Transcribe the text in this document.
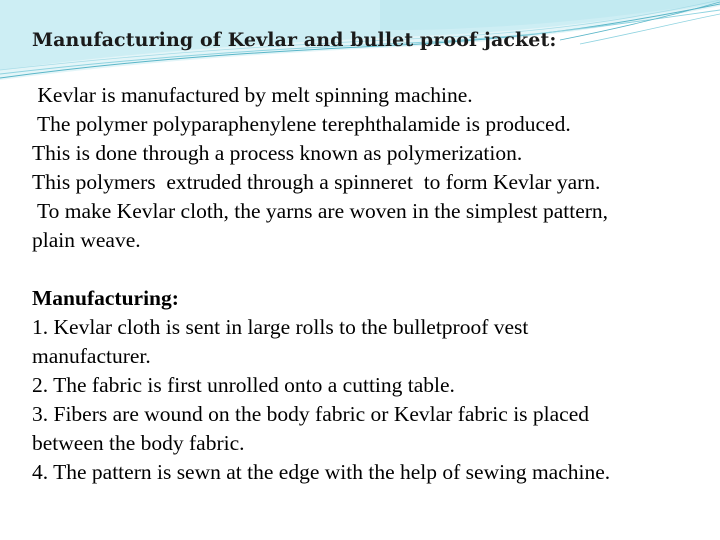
Manufacturing of Kevlar and bullet proof jacket:
Kevlar is manufactured by melt spinning machine.
The polymer polyparaphenylene terephthalamide is produced.
This is done through a process known as polymerization.
This polymers  extruded through a spinneret  to form Kevlar yarn.
To make Kevlar cloth, the yarns are woven in the simplest pattern,
plain weave.
Manufacturing:
1. Kevlar cloth is sent in large rolls to the bulletproof vest
manufacturer.
2. The fabric is first unrolled onto a cutting table.
3. Fibers are wound on the body fabric or Kevlar fabric is placed
between the body fabric.
4. The pattern is sewn at the edge with the help of sewing machine.
